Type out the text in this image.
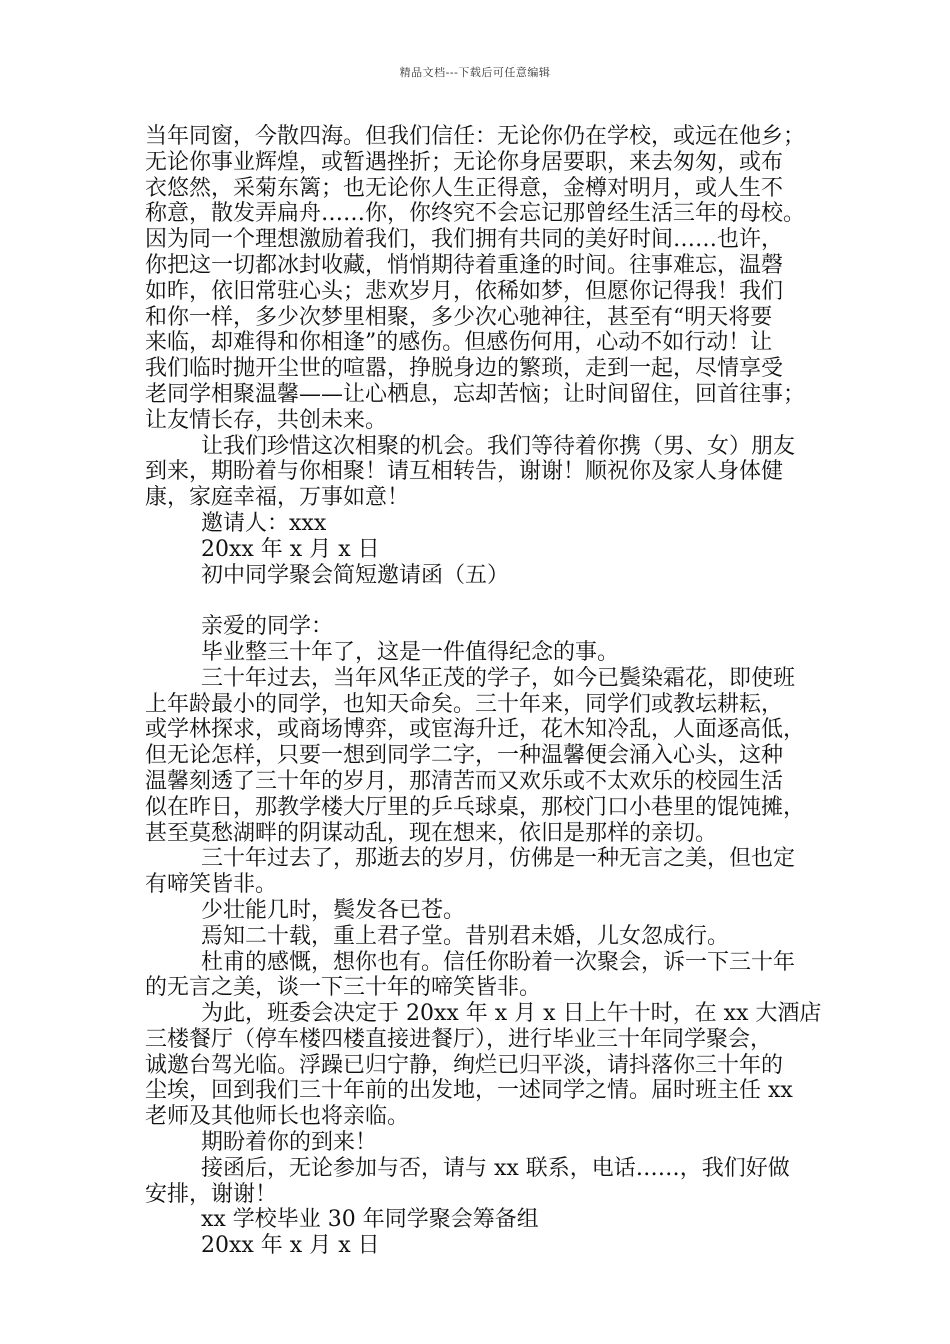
精品文档---下载后可任意编辑
当年同窗，今散四海。但我们信任：无论你仍在学校，或远在他乡；
无论你事业辉煌，或暂遇挫折；无论你身居要职，来去匆匆，或布
衣悠然，采菊东篱；也无论你人生正得意，金樽对明月，或人生不
称意，散发弄扁舟……你，你终究不会忘记那曾经生活三年的母校。
因为同一个理想激励着我们，我们拥有共同的美好时间……也许，
你把这一切都冰封收藏，悄悄期待着重逢的时间。往事难忘，温磬
如昨，依旧常驻心头；悲欢岁月，依稀如梦，但愿你记得我！我们
和你一样，多少次梦里相聚，多少次心驰神往，甚至有“明天将要
来临，却难得和你相逢”的感伤。但感伤何用，心动不如行动！让
我们临时抛开尘世的喧嚣，挣脱身边的繁琐，走到一起，尽情享受
老同学相聚温馨——让心栖息，忘却苦恼；让时间留住，回首往事；
让友情长存，共创未来。
让我们珍惜这次相聚的机会。我们等待着你携（男、女）朋友
到来，期盼着与你相聚！请互相转告，谢谢！顺祝你及家人身体健
康，家庭幸福，万事如意！
邀请人：xxx
20xx 年 x 月 x 日
初中同学聚会简短邀请函（五）
亲爱的同学：
毕业整三十年了，这是一件值得纪念的事。
三十年过去，当年风华正茂的学子，如今已鬓染霜花，即使班
上年龄最小的同学，也知天命矣。三十年来，同学们或教坛耕耘，
或学林探求，或商场博弈，或宦海升迁，花木知冷乱，人面逐高低，
但无论怎样，只要一想到同学二字，一种温馨便会涌入心头，这种
温馨刻透了三十年的岁月，那清苦而又欢乐或不太欢乐的校园生活
似在昨日，那教学楼大厅里的乒乓球桌，那校门口小巷里的馄饨摊，
甚至莫愁湖畔的阴谋动乱，现在想来，依旧是那样的亲切。
三十年过去了，那逝去的岁月，仿佛是一种无言之美，但也定
有啼笑皆非。
少壮能几时，鬓发各已苍。
焉知二十载，重上君子堂。昔别君未婚，儿女忽成行。
杜甫的感慨，想你也有。信任你盼着一次聚会，诉一下三十年
的无言之美，谈一下三十年的啼笑皆非。
为此，班委会决定于 20xx 年 x 月 x 日上午十时，在 xx 大酒店
三楼餐厅（停车楼四楼直接进餐厅），进行毕业三十年同学聚会，
诚邀台驾光临。浮躁已归宁静，绚烂已归平淡，请抖落你三十年的
尘埃，回到我们三十年前的出发地，一述同学之情。届时班主任 xx
老师及其他师长也将亲临。
期盼着你的到来！
接函后，无论参加与否，请与 xx 联系，电话……，我们好做
安排，谢谢！
xx 学校毕业 30 年同学聚会筹备组
20xx 年 x 月 x 日
